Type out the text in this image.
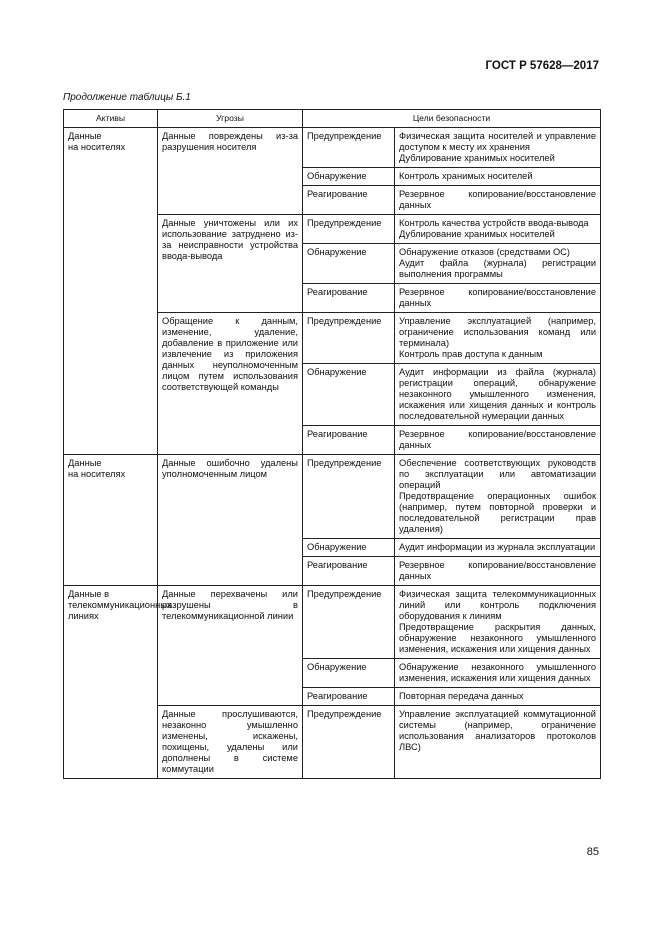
ГОСТ Р 57628—2017
Продолжение таблицы Б.1
Активы	Угрозы	Цели безопасности	
Данные
на носителях	Данные повреждены из-за разрушения носителя	Предупреждение	Физическая защита носителей и управление доступом к месту их хранения
Дублирование хранимых носителей

		Обнаружение	Контроль хранимых носителей

		Реагирование	Резервное копирование/восстановление данных

	Данные уничтожены или их использование затруднено из-за неисправности устройства ввода-вывода	Предупреждение	Контроль качества устройств ввода-вывода
Дублирование хранимых носителей

		Обнаружение	Обнаружение отказов (средствами ОС)
Аудит файла (журнала) регистрации выполнения программы

		Реагирование	Резервное копирование/восстановление данных

	Обращение к данным, изменение, удаление, добавление в приложение или извлечение из приложения данных неуполномоченным лицом путем использования соответствующей команды	Предупреждение	Управление эксплуатацией (например, ограничение использования команд или терминала)
Контроль прав доступа к данным

		Обнаружение	Аудит информации из файла (журнала) регистрации операций, обнаружение незаконного умышленного изменения, искажения или хищения данных и контроль последовательной нумерации данных

		Реагирование	Резервное копирование/восстановление данных

Данные
на носителях	Данные ошибочно удалены уполномоченным лицом	Предупреждение	Обеспечение соответствующих руководств по эксплуатации или автоматизации операций
Предотвращение операционных ошибок (например, путем повторной проверки и последовательной регистрации прав удаления)

		Обнаружение	Аудит информации из журнала эксплуатации

		Реагирование	Резервное копирование/восстановление данных

Данные в телекоммуникационных линиях	Данные перехвачены или разрушены в телекоммуникационной линии	Предупреждение	Физическая защита телекоммуникационных линий или контроль подключения оборудования к линиям
Предотвращение раскрытия данных, обнаружение незаконного умышленного изменения, искажения или хищения данных

		Обнаружение	Обнаружение незаконного умышленного изменения, искажения или хищения данных

		Реагирование	Повторная передача данных

	Данные прослушиваются, незаконно умышленно изменены, искажены, похищены, удалены или дополнены в системе коммутации	Предупреждение	Управление эксплуатацией коммутационной системы (например, ограничение использования анализаторов протоколов ЛВС)
85
